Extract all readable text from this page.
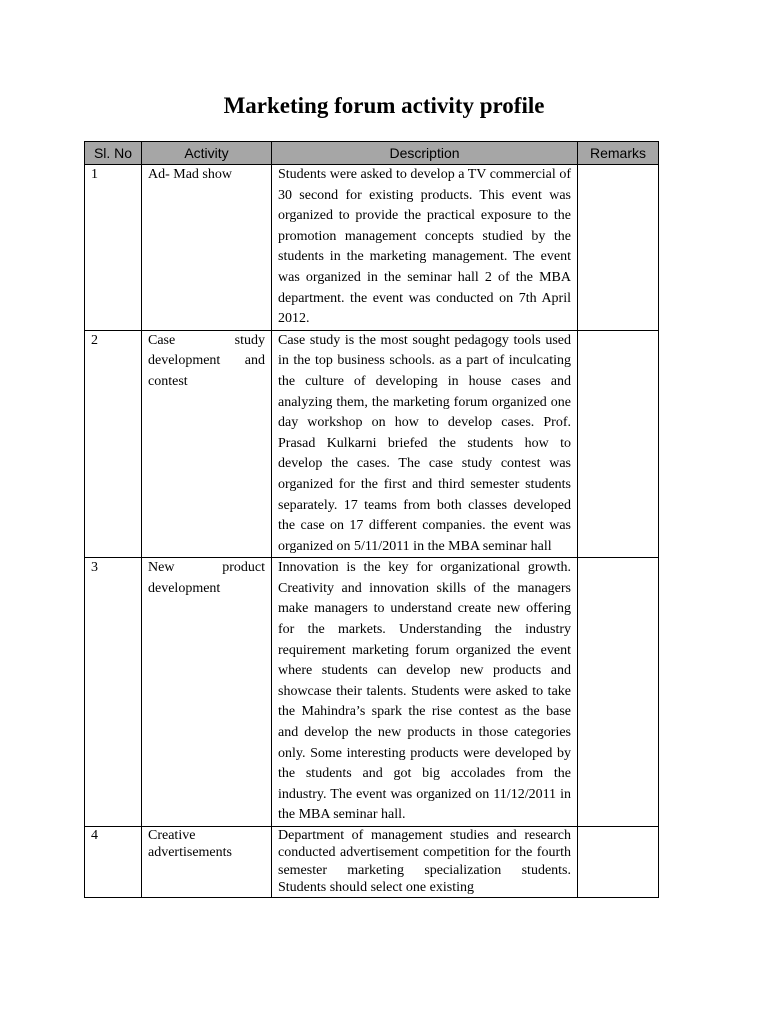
Marketing forum activity profile
Sl. No	Activity	Description	Remarks
1	Ad- Mad show	Students were asked to develop a TV commercial of 30 second for existing products. This event was organized to provide the practical exposure to the promotion management concepts studied by the students in the marketing management. The event was organized in the seminar hall 2 of the MBA department. the event was conducted on 7th April 2012.	
2	Case study development and contest	Case study is the most sought pedagogy tools used in the top business schools. as a part of inculcating the culture of developing in house cases and analyzing them, the marketing forum organized one day workshop on how to develop cases. Prof. Prasad Kulkarni briefed the students how to develop the cases. The case study contest was organized for the first and third semester students separately. 17 teams from both classes developed the case on 17 different companies. the event was organized on 5/11/2011 in the MBA seminar hall	
3	New product development	Innovation is the key for organizational growth. Creativity and innovation skills of the managers make managers to understand create new offering for the markets. Understanding the industry requirement marketing forum organized the event where students can develop new products and showcase their talents. Students were asked to take the Mahindra’s spark the rise contest as the base and develop the new products in those categories only. Some interesting products were developed by the students and got big accolades from the industry. The event was organized on 11/12/2011 in the MBA seminar hall.	
4	Creative advertisements	Department of management studies and research conducted advertisement competition for the fourth semester marketing specialization students. Students should select one existing	
